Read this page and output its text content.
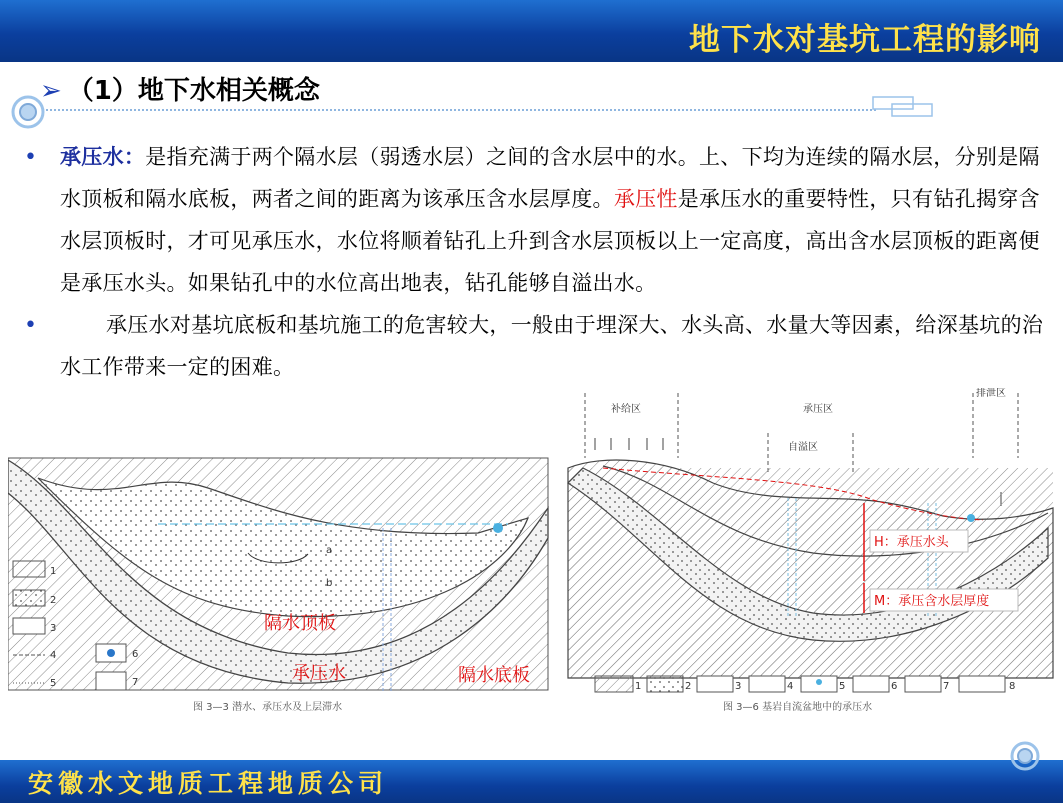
地下水对基坑工程的影响
➢ （1）地下水相关概念
• 承压水：是指充满于两个隔水层（弱透水层）之间的含水层中的水。上、下均为连续的隔水层，分别是隔水顶板和隔水底板，两者之间的距离为该承压含水层厚度。承压性是承压水的重要特性，只有钻孔揭穿含水层顶板时，才可见承压水，水位将顺着钻孔上升到含水层顶板以上一定高度，高出含水层顶板的距离便是承压水头。如果钻孔中的水位高出地表，钻孔能够自溢出水。
•	承压水对基坑底板和基坑施工的危害较大，一般由于埋深大、水头高、水量大等因素，给深基坑的治水工作带来一定的困难。
a
b
1
2
3
4
5
6
7
隔水顶板
承压水	隔水底板
图 3—3 潜水、承压水及上层滞水
补给区	承压区
自溢区
排泄区
H：承压水头
M：承压含水层厚度
1	2	3	4	5	6	7	8
图 3—6 基岩自流盆地中的承压水
安徽水文地质工程地质公司
